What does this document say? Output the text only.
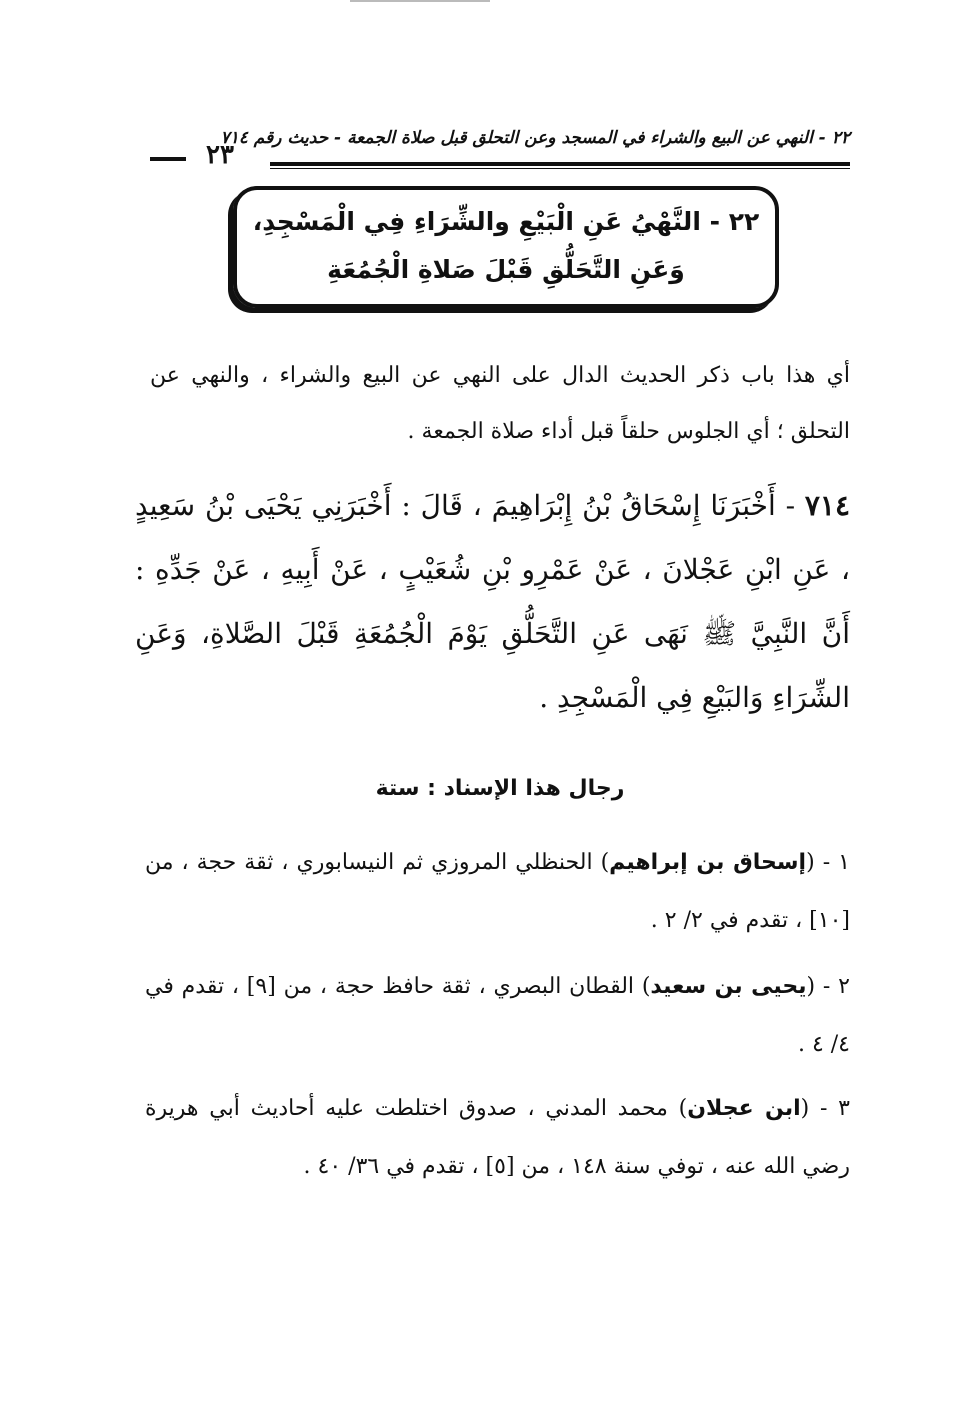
٢٢ - النهي عن البيع والشراء في المسجد وعن التحلق قبل صلاة الجمعة - حديث رقم ٧١٤
٢٣
٢٢ - النَّهْيُ عَنِ الْبَيْعِ والشِّرَاءِ فِي الْمَسْجِدِ،
وَعَنِ التَّحَلُّقِ قَبْلَ صَلاةِ الْجُمُعَةِ
أي هذا باب ذكر الحديث الدال على النهي عن البيع والشراء ، والنهي عن التحلق ؛ أي الجلوس حلقاً قبل أداء صلاة الجمعة .
٧١٤ - أَخْبَرَنَا إِسْحَاقُ بْنُ إِبْرَاهِيمَ ، قَالَ : أَخْبَرَنِي يَحْيَى بْنُ سَعِيدٍ ، عَنِ ابْنِ عَجْلانَ ، عَنْ عَمْرِو بْنِ شُعَيْبٍ ، عَنْ أَبِيهِ ، عَنْ جَدِّهِ : أَنَّ النَّبِيَّ ﷺ نَهَى عَنِ التَّحَلُّقِ يَوْمَ الْجُمُعَةِ قَبْلَ الصَّلاةِ، وَعَنِ الشِّرَاءِ وَالبَيْعِ فِي الْمَسْجِدِ .
رجال هذا الإسناد : ستة
١ - (إسحاق بن إبراهيم) الحنظلي المروزي ثم النيسابوري ، ثقة حجة ، من [١٠] ، تقدم في ٢/ ٢ .
٢ - (يحيى بن سعيد) القطان البصري ، ثقة حافظ حجة ، من [٩] ، تقدم في ٤/ ٤ .
٣ - (ابن عجلان) محمد المدني ، صدوق اختلطت عليه أحاديث أبي هريرة رضي الله عنه ، توفي سنة ١٤٨ ، من [٥] ، تقدم في ٣٦/ ٤٠ .
